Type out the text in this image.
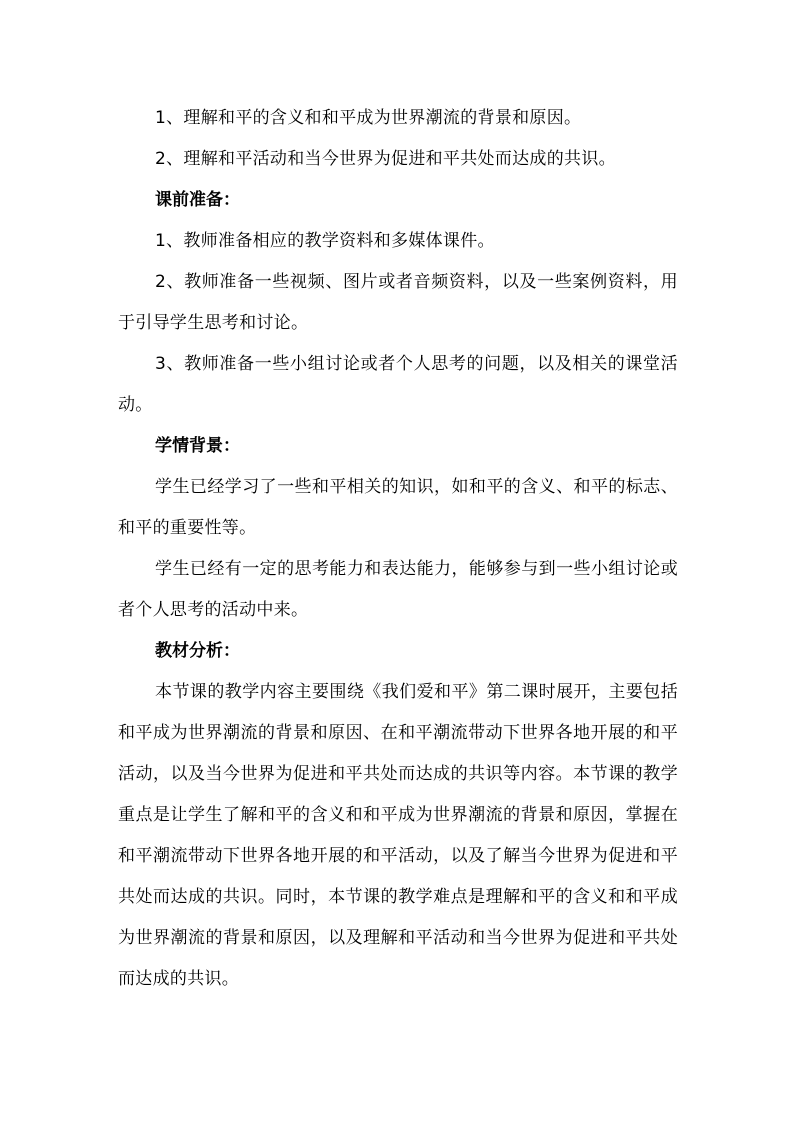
1、理解和平的含义和和平成为世界潮流的背景和原因。

2、理解和平活动和当今世界为促进和平共处而达成的共识。

课前准备：

1、教师准备相应的教学资料和多媒体课件。

2、教师准备一些视频、图片或者音频资料，以及一些案例资料，用于引导学生思考和讨论。

3、教师准备一些小组讨论或者个人思考的问题，以及相关的课堂活动。

学情背景：

学生已经学习了一些和平相关的知识，如和平的含义、和平的标志、和平的重要性等。

学生已经有一定的思考能力和表达能力，能够参与到一些小组讨论或者个人思考的活动中来。

教材分析：

本节课的教学内容主要围绕《我们爱和平》第二课时展开，主要包括和平成为世界潮流的背景和原因、在和平潮流带动下世界各地开展的和平活动，以及当今世界为促进和平共处而达成的共识等内容。本节课的教学重点是让学生了解和平的含义和和平成为世界潮流的背景和原因，掌握在和平潮流带动下世界各地开展的和平活动，以及了解当今世界为促进和平共处而达成的共识。同时，本节课的教学难点是理解和平的含义和和平成为世界潮流的背景和原因，以及理解和平活动和当今世界为促进和平共处而达成的共识。
